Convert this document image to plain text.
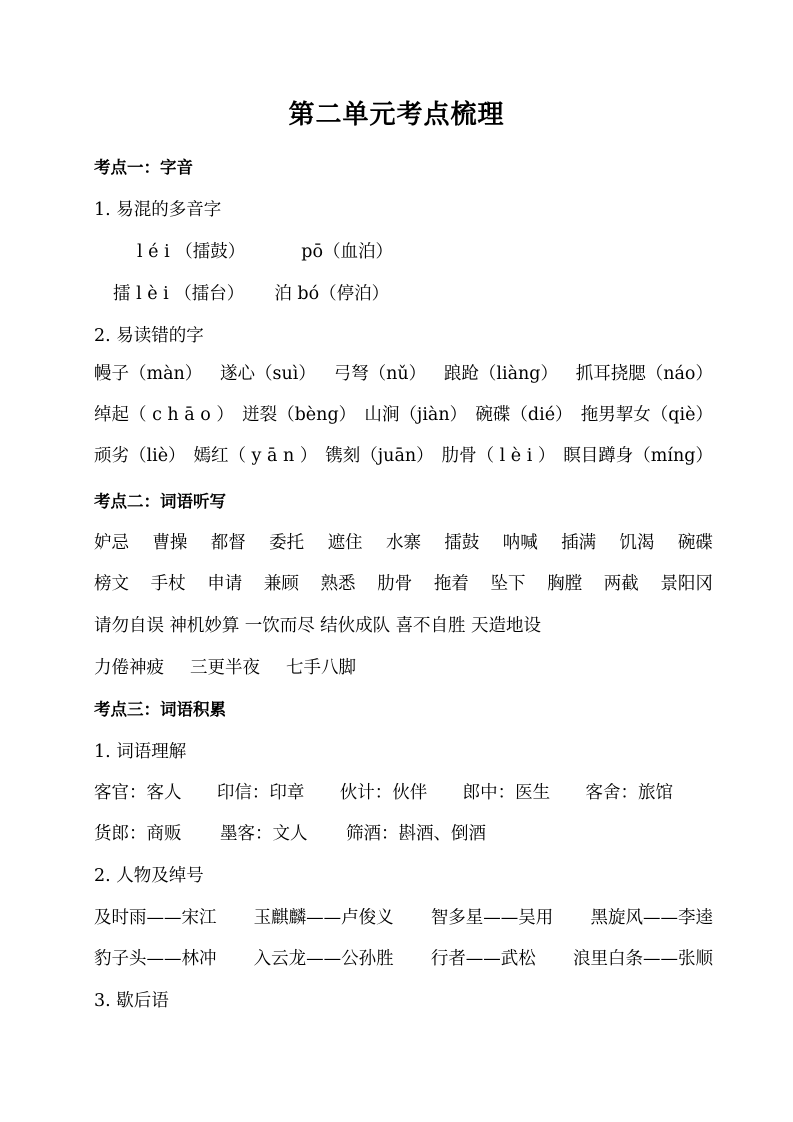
第二单元考点梳理
考点一：字音
1. 易混的多音字
l é i （擂鼓）	pō（血泊）
擂 l è i （擂台） 泊 bó（停泊）
2. 易读错的字
幔子（màn） 遂心（suì） 弓弩（nǔ） 踉跄（liàng） 抓耳挠腮（náo）
绰起（ c h ā o ） 迸裂（bèng） 山涧（jiàn） 碗碟（dié） 拖男挈女（qiè）
顽劣（liè） 嫣红（ y ā n ） 镌刻（juān） 肋骨（ l è i ） 瞑目蹲身（míng）
考点二：词语听写
妒忌 曹操 都督 委托 遮住 水寨 擂鼓 呐喊 插满 饥渴 碗碟
榜文 手杖 申请 兼顾 熟悉 肋骨 拖着 坠下 胸膛 两截 景阳冈
请勿自误 神机妙算 一饮而尽 结伙成队 喜不自胜 天造地设
力倦神疲 三更半夜 七手八脚
考点三：词语积累
1. 词语理解
客官：客人 印信：印章 伙计：伙伴 郎中：医生 客舍：旅馆
货郎：商贩 墨客：文人 筛酒：斟酒、倒酒
2. 人物及绰号
及时雨——宋江 玉麒麟——卢俊义 智多星——吴用 黑旋风——李逵
豹子头——林冲 入云龙——公孙胜 行者——武松 浪里白条——张顺
3. 歇后语
